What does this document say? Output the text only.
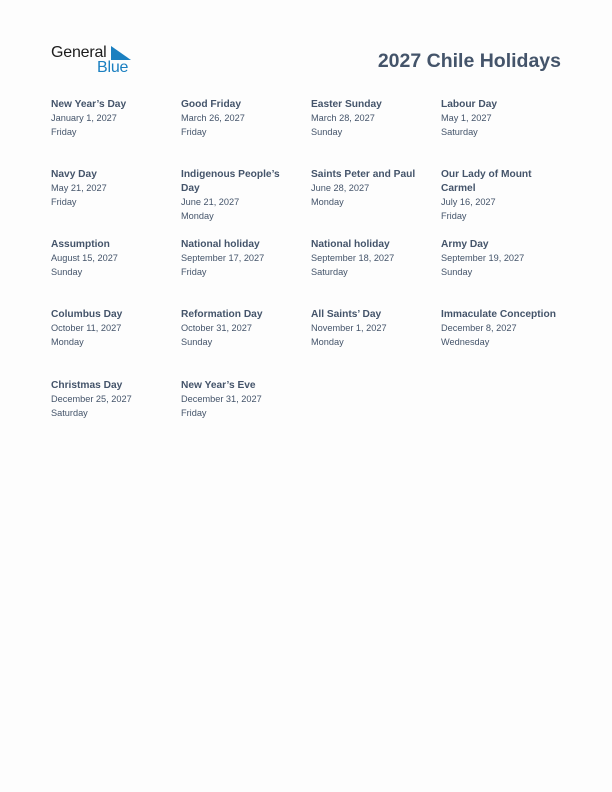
General
Blue	2027 Chile Holidays
New Year’s Day
January 1, 2027
Friday
Good Friday
March 26, 2027
Friday
Easter Sunday
March 28, 2027
Sunday
Labour Day
May 1, 2027
Saturday
Navy Day
May 21, 2027
Friday
Indigenous People’s Day
June 21, 2027
Monday
Saints Peter and Paul
June 28, 2027
Monday
Our Lady of Mount Carmel
July 16, 2027
Friday
Assumption
August 15, 2027
Sunday
National holiday
September 17, 2027
Friday
National holiday
September 18, 2027
Saturday
Army Day
September 19, 2027
Sunday
Columbus Day
October 11, 2027
Monday
Reformation Day
October 31, 2027
Sunday
All Saints’ Day
November 1, 2027
Monday
Immaculate Conception
December 8, 2027
Wednesday
Christmas Day
December 25, 2027
Saturday
New Year’s Eve
December 31, 2027
Friday
